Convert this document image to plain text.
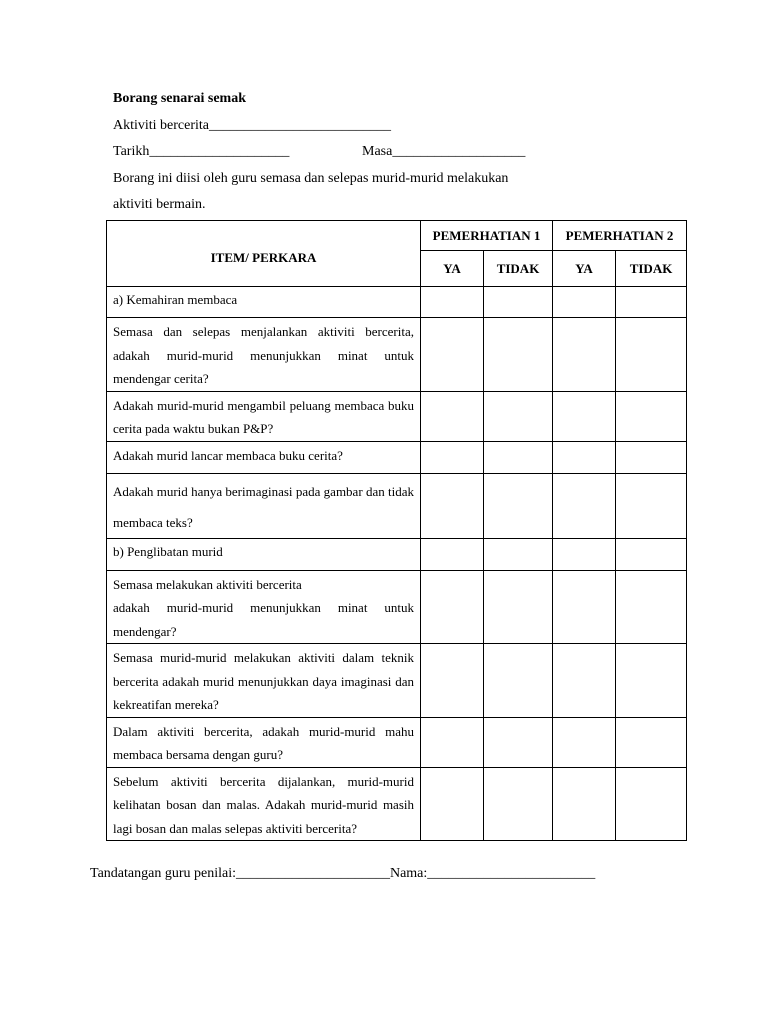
Borang senarai semak
Aktiviti bercerita__________________________
Tarikh____________________	Masa___________________
Borang ini diisi oleh guru semasa dan selepas murid-murid melakukan
aktiviti bermain.
ITEM/ PERKARA	PEMERHATIAN 1		PEMERHATIAN 2	
	YA	TIDAK	YA	TIDAK
a) Kemahiran membaca				
Semasa dan selepas menjalankan aktiviti bercerita, adakah murid-murid menunjukkan minat untuk mendengar cerita?				
Adakah murid-murid mengambil peluang membaca buku cerita pada waktu bukan P&P?				
Adakah murid lancar membaca buku cerita?				
Adakah murid hanya berimaginasi pada gambar dan tidak membaca teks?				
b) Penglibatan murid				

Semasa melakukan aktiviti bercerita
adakah murid-murid menunjukkan minat untuk mendengar?				

Semasa murid-murid melakukan aktiviti dalam teknik bercerita adakah murid menunjukkan daya imaginasi dan kekreatifan mereka?				
Dalam aktiviti bercerita, adakah murid-murid mahu membaca bersama dengan guru?				
Sebelum aktiviti bercerita dijalankan, murid-murid kelihatan bosan dan malas. Adakah murid-murid masih lagi bosan dan malas selepas aktiviti bercerita?				
Tandatangan guru penilai:______________________Nama:________________________
